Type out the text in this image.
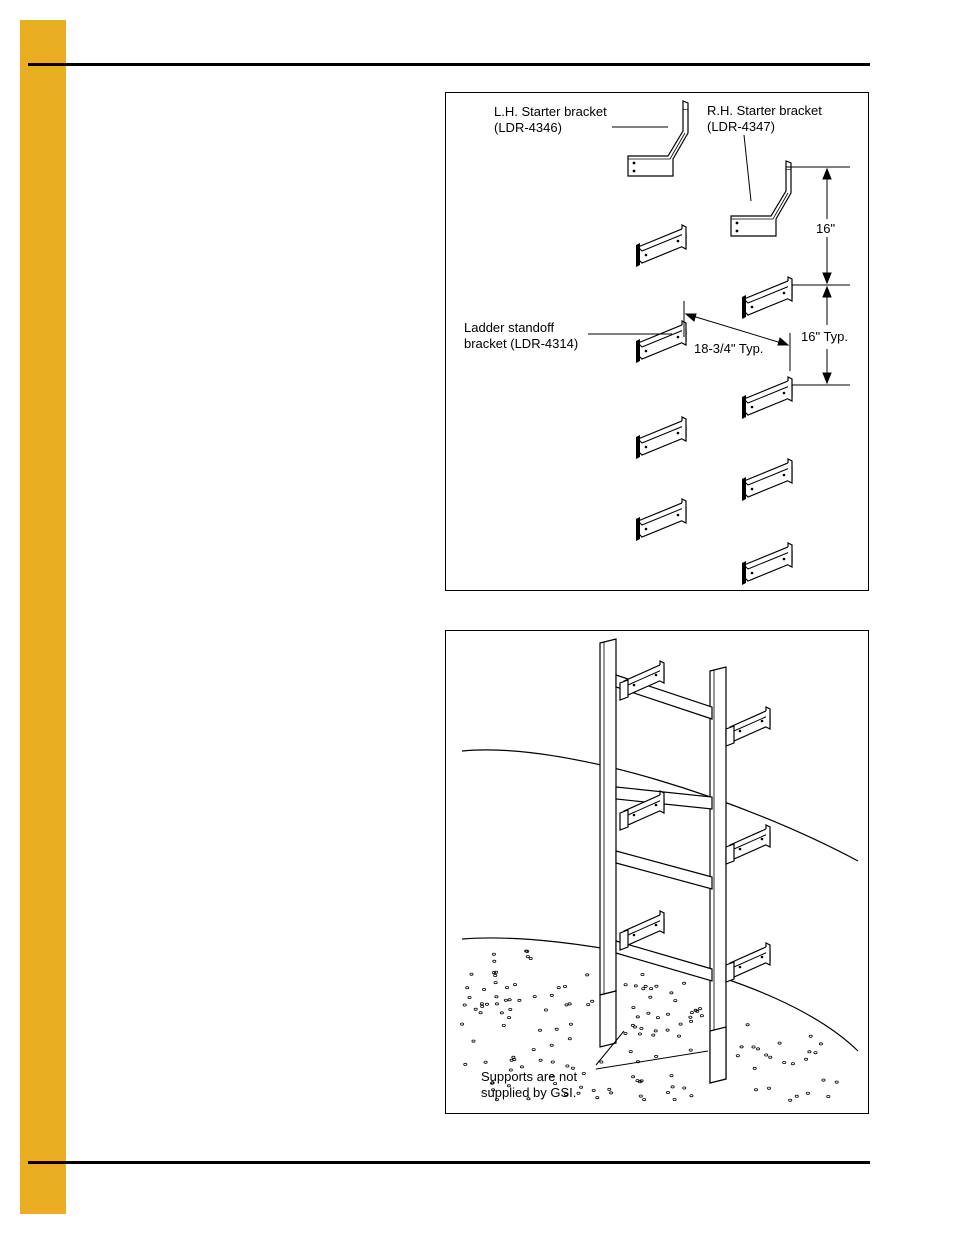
L.H. Starter bracket
(LDR-4346)
R.H. Starter bracket
(LDR-4347)
Ladder standoff
bracket (LDR-4314)
16"
16" Typ.
18-3/4" Typ.
Supports are not
supplied by GSI.
